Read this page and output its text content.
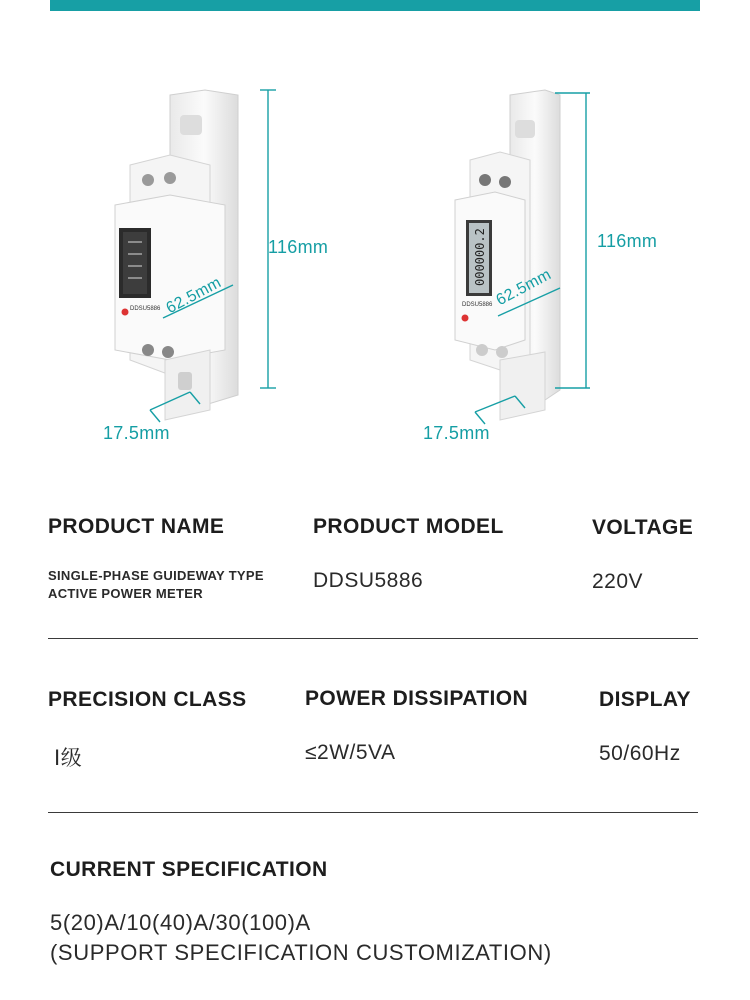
DDSU5886
000000.2
DDSU5886
116mm
62.5mm
17.5mm
116mm
62.5mm
17.5mm
PRODUCT NAME
SINGLE-PHASE GUIDEWAY TYPE
ACTIVE POWER METER
PRODUCT MODEL
DDSU5886
VOLTAGE
220V
PRECISION CLASS
Ⅰ级
POWER DISSIPATION
≤2W/5VA
DISPLAY
50/60Hz
CURRENT SPECIFICATION
5(20)A/10(40)A/30(100)A
(SUPPORT SPECIFICATION CUSTOMIZATION)
